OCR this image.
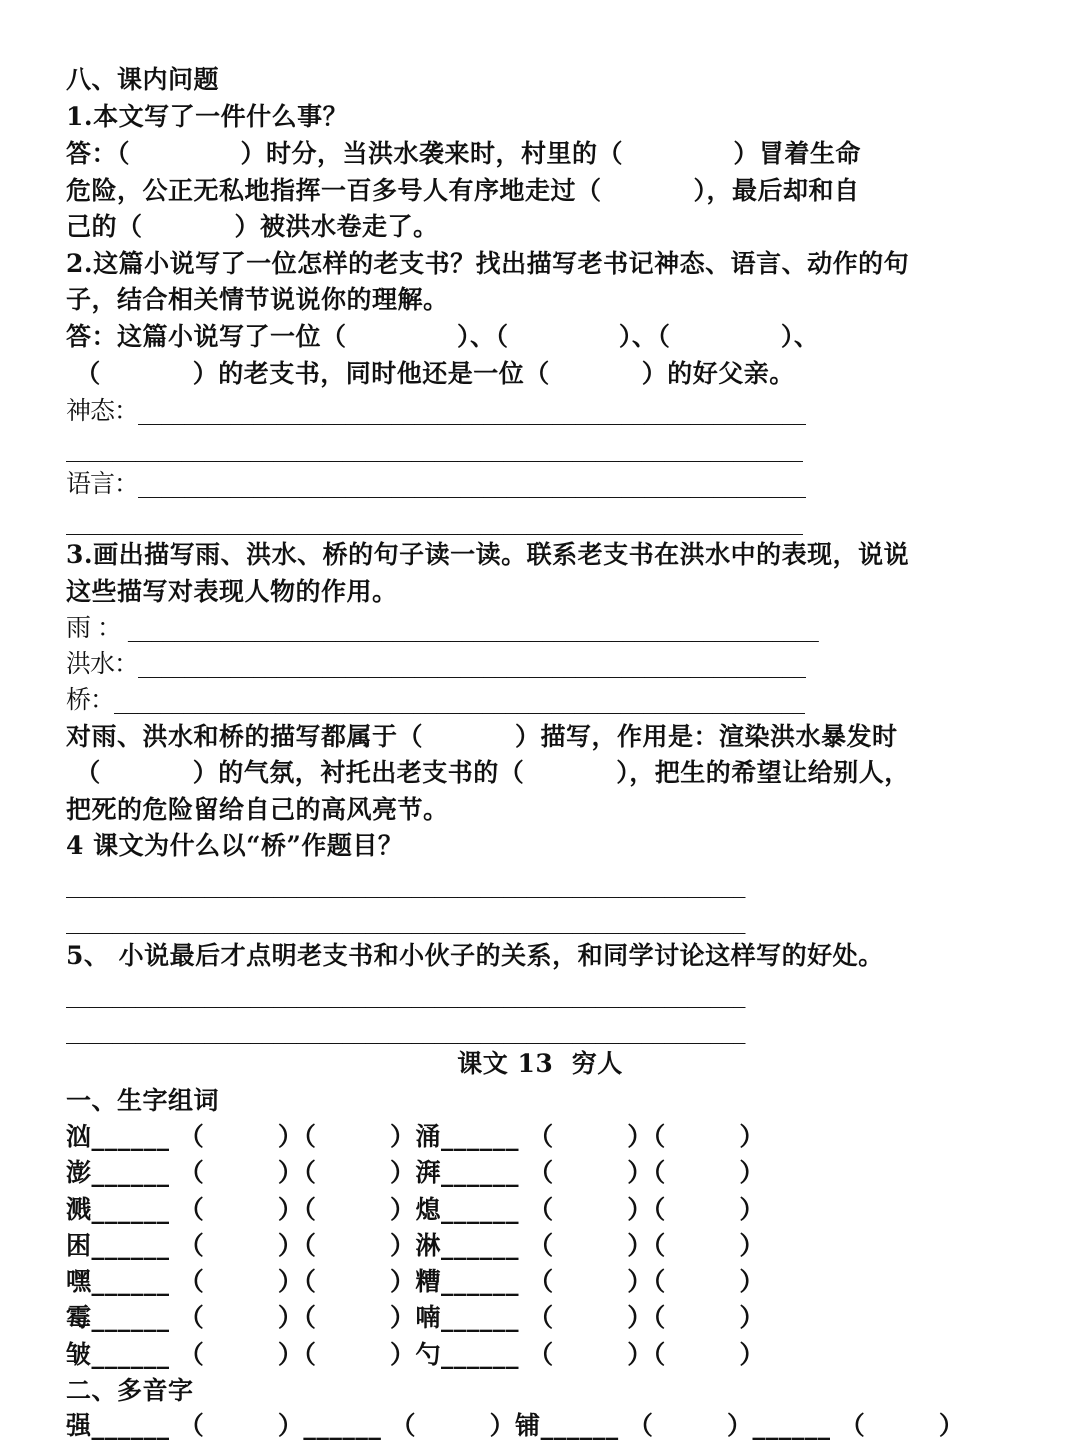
八、课内问题
1.本文写了一件什么事？
答：（            ）时分，当洪水袭来时，村里的（            ）冒着生命
危险，公正无私地指挥一百多号人有序地走过（          ），最后却和自
己的（          ）被洪水卷走了。
2.这篇小说写了一位怎样的老支书？找出描写老书记神态、语言、动作的句
子，结合相关情节说说你的理解。
答：这篇小说写了一位（            ）、（            ）、（            ）、
（          ）的老支书，同时他还是一位（          ）的好父亲。
神态：__________________________________________________________
________________________________________________________________
语言：__________________________________________________________
________________________________________________________________
3.画出描写雨、洪水、桥的句子读一读。联系老支书在洪水中的表现，说说
这些描写对表现人物的作用。
雨 ： ____________________________________________________________
洪水：__________________________________________________________
桥：____________________________________________________________
对雨、洪水和桥的描写都属于（          ）描写，作用是：渲染洪水暴发时
（          ）的气氛，衬托出老支书的（          ），把生的希望让给别人，
把死的危险留给自己的高风亮节。
4 课文为什么以“桥”作题目？
___________________________________________________________
___________________________________________________________
5、 小说最后才点明老支书和小伙子的关系，和同学讨论这样写的好处。
___________________________________________________________
___________________________________________________________
课文 13  穷人
一、生字组词
汹______ （        ）（        ）涌______ （        ）（        ）
澎______ （        ）（        ）湃______ （        ）（        ）
溅______ （        ）（        ）熄______ （        ）（        ）
困______ （        ）（        ）淋______ （        ）（        ）
嘿______ （        ）（        ）糟______ （        ）（        ）
霉______ （        ）（        ）喃______ （        ）（        ）
皱______ （        ）（        ）勺______ （        ）（        ）
二、多音字
强______ （        ）______ （        ）铺______ （        ）______ （        ）
